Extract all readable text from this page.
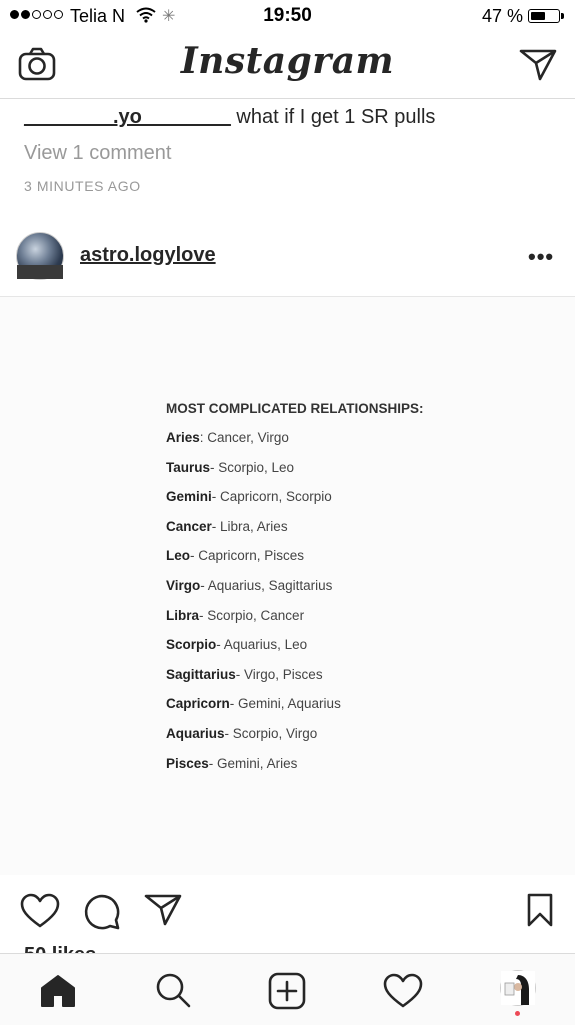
Telia N ✳	19:50	47 %
Instagram
________.yo________ what if I get 1 SR pulls
View 1 comment
3 MINUTES AGO
astro.logylove	•••
MOST COMPLICATED RELATIONSHIPS:
Aries: Cancer, Virgo
Taurus- Scorpio, Leo
Gemini- Capricorn, Scorpio
Cancer- Libra, Aries
Leo- Capricorn, Pisces
Virgo- Aquarius, Sagittarius
Libra- Scorpio, Cancer
Scorpio- Aquarius, Leo
Sagittarius- Virgo, Pisces
Capricorn- Gemini, Aquarius
Aquarius- Scorpio, Virgo
Pisces- Gemini, Aries
